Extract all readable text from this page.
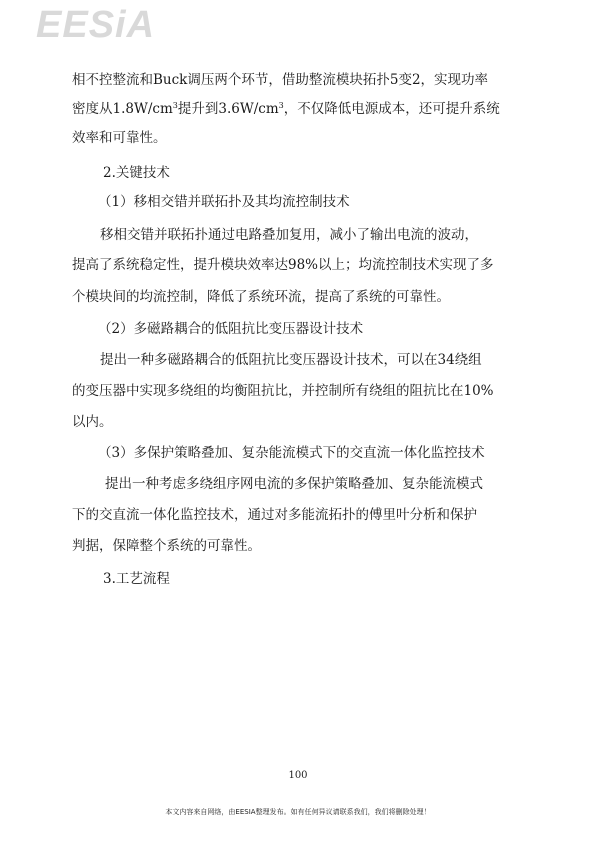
EESiA
相不控整流和Buck调压两个环节，借助整流模块拓扑5变2，实现功率
密度从$1.8W/cm^3$提升到$3.6W/cm^3$，不仅降低电源成本，还可提升系统
效率和可靠性。
2.关键技术
（1）移相交错并联拓扑及其均流控制技术
移相交错并联拓扑通过电路叠加复用，减小了输出电流的波动，
提高了系统稳定性，提升模块效率达98%以上；均流控制技术实现了多
个模块间的均流控制，降低了系统环流，提高了系统的可靠性。
（2）多磁路耦合的低阻抗比变压器设计技术
提出一种多磁路耦合的低阻抗比变压器设计技术，可以在34绕组
的变压器中实现多绕组的均衡阻抗比，并控制所有绕组的阻抗比在10%
以内。
（3）多保护策略叠加、复杂能流模式下的交直流一体化监控技术
提出一种考虑多绕组序网电流的多保护策略叠加、复杂能流模式
下的交直流一体化监控技术，通过对多能流拓扑的傅里叶分析和保护
判据，保障整个系统的可靠性。
3.工艺流程
100
本文内容来自网络，由EESIA整理发布。如有任何异议请联系我们，我们将删除处理！
